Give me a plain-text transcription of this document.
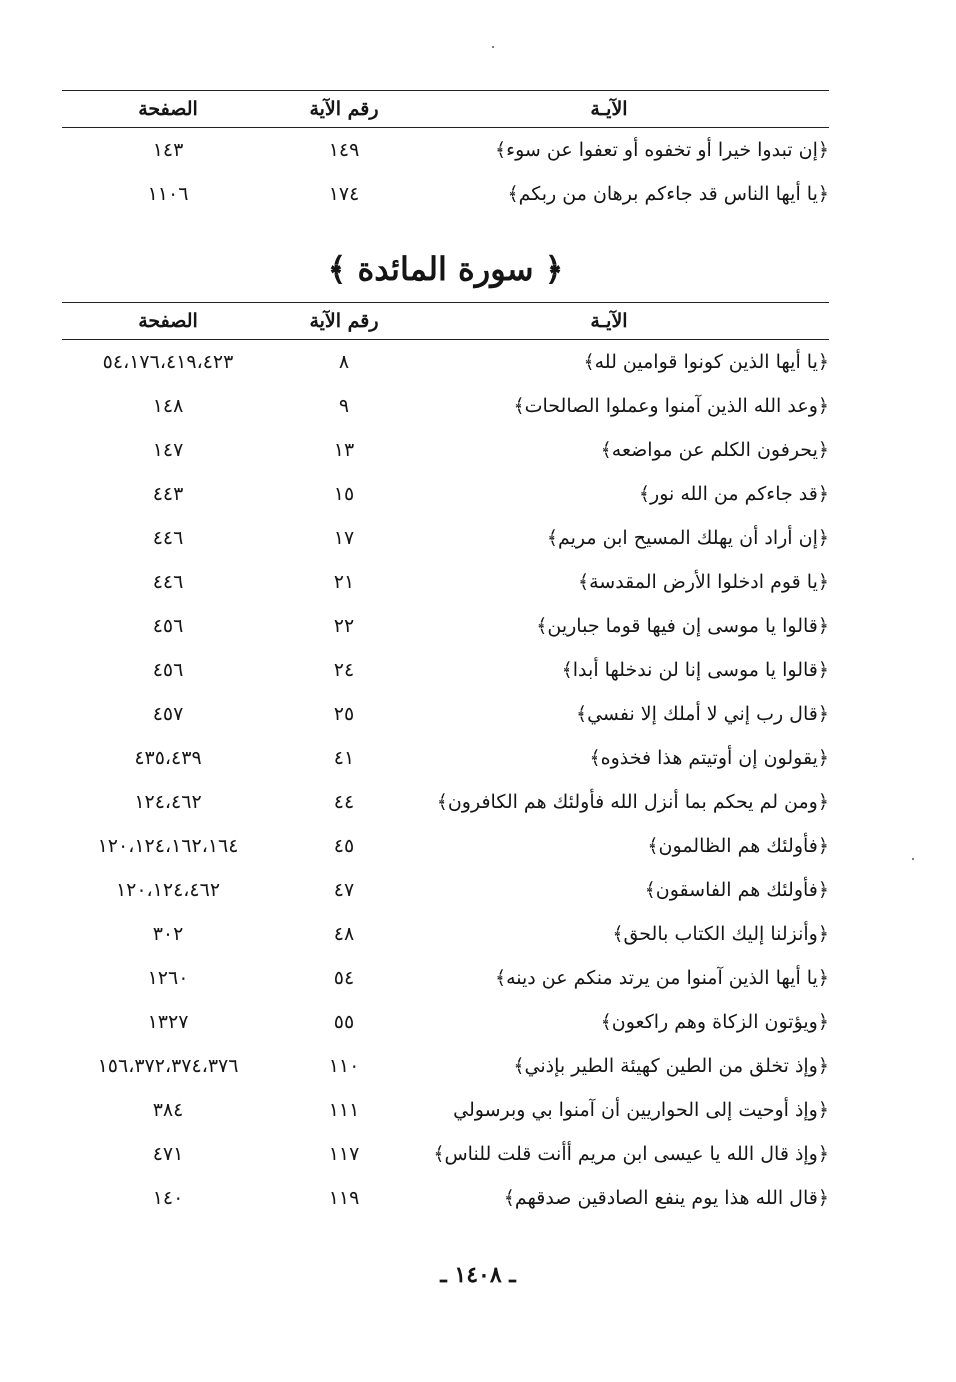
الآيـة
رقم الآية
الصفحة
﴿إن تبدوا خيرا أو تخفوه أو تعفوا عن سوء﴾
١٤٩
١٤٣
﴿يا أيها الناس قد جاءكم برهان من ربكم﴾
١٧٤
١١٠٦
﴿ سورة المائدة ﴾
الآيـة
رقم الآية
الصفحة
﴿يا أيها الذين كونوا قوامين لله﴾
٨
٥٤،١٧٦،٤١٩،٤٢٣
﴿وعد الله الذين آمنوا وعملوا الصالحات﴾
٩
١٤٨
﴿يحرفون الكلم عن مواضعه﴾
١٣
١٤٧
﴿قد جاءكم من الله نور﴾
١٥
٤٤٣
﴿إن أراد أن يهلك المسيح ابن مريم﴾
١٧
٤٤٦
﴿يا قوم ادخلوا الأرض المقدسة﴾
٢١
٤٤٦
﴿قالوا يا موسى إن فيها قوما جبارين﴾
٢٢
٤٥٦
﴿قالوا يا موسى إنا لن ندخلها أبدا﴾
٢٤
٤٥٦
﴿قال رب إني لا أملك إلا نفسي﴾
٢٥
٤٥٧
﴿يقولون إن أوتيتم هذا فخذوه﴾
٤١
٤٣٥،٤٣٩
﴿ومن لم يحكم بما أنزل الله فأولئك هم الكافرون﴾
٤٤
١٢٤،٤٦٢
﴿فأولئك هم الظالمون﴾
٤٥
١٢٠،١٢٤،١٦٢،١٦٤
﴿فأولئك هم الفاسقون﴾
٤٧
١٢٠،١٢٤،٤٦٢
﴿وأنزلنا إليك الكتاب بالحق﴾
٤٨
٣٠٢
﴿يا أيها الذين آمنوا من يرتد منكم عن دينه﴾
٥٤
١٢٦٠
﴿ويؤتون الزكاة وهم راكعون﴾
٥٥
١٣٢٧
﴿وإذ تخلق من الطين كهيئة الطير بإذني﴾
١١٠
١٥٦،٣٧٢،٣٧٤،٣٧٦
﴿وإذ أوحيت إلى الحواريين أن آمنوا بي وبرسولي
١١١
٣٨٤
﴿وإذ قال الله يا عيسى ابن مريم أأنت قلت للناس﴾
١١٧
٤٧١
﴿قال الله هذا يوم ينفع الصادقين صدقهم﴾
١١٩
١٤٠
ـ ١٤٠٨ ـ
